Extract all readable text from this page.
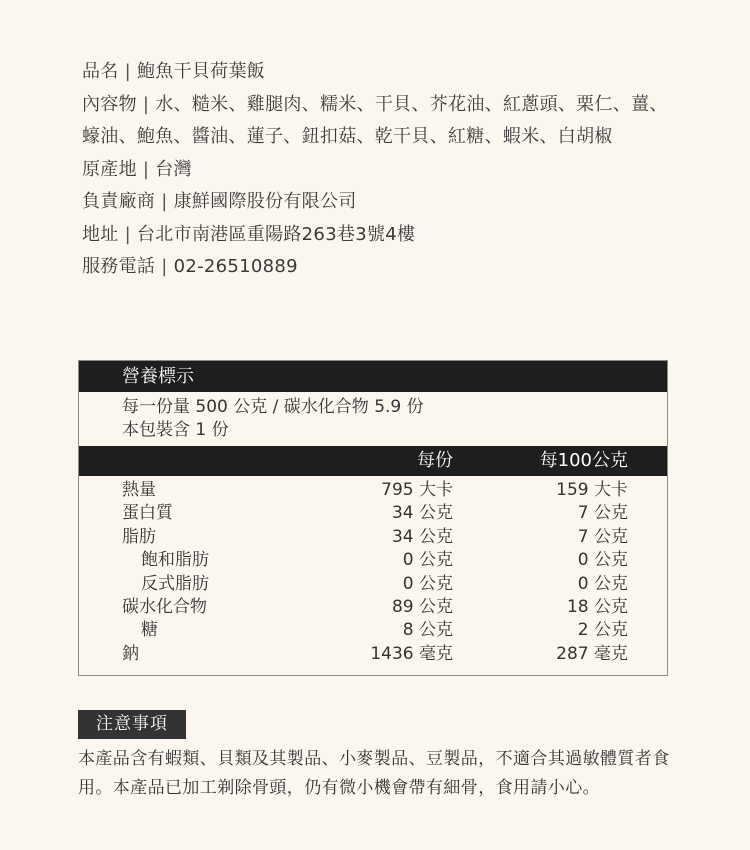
品名 | 鮑魚干貝荷葉飯
內容物 | 水、糙米、雞腿肉、糯米、干貝、芥花油、紅蔥頭、栗仁、薑、蠔油、鮑魚、醬油、蓮子、鈕扣菇、乾干貝、紅糖、蝦米、白胡椒
原產地 | 台灣
負責廠商 | 康鮮國際股份有限公司
地址 | 台北市南港區重陽路263巷3號4樓
服務電話 | 02-26510889
營養標示
每一份量 500 公克 / 碳水化合物 5.9 份
本包裝含 1 份
每份	每100公克
熱量	795 大卡	159 大卡
蛋白質	34 公克	7 公克
脂肪	34 公克	7 公克
飽和脂肪	0 公克	0 公克
反式脂肪	0 公克	0 公克
碳水化合物	89 公克	18 公克
糖	8 公克	2 公克
鈉	1436 毫克	287 毫克
注意事項
本產品含有蝦類、貝類及其製品、小麥製品、豆製品，不適合其過敏體質者食用。本產品已加工剃除骨頭，仍有微小機會帶有細骨，食用請小心。
